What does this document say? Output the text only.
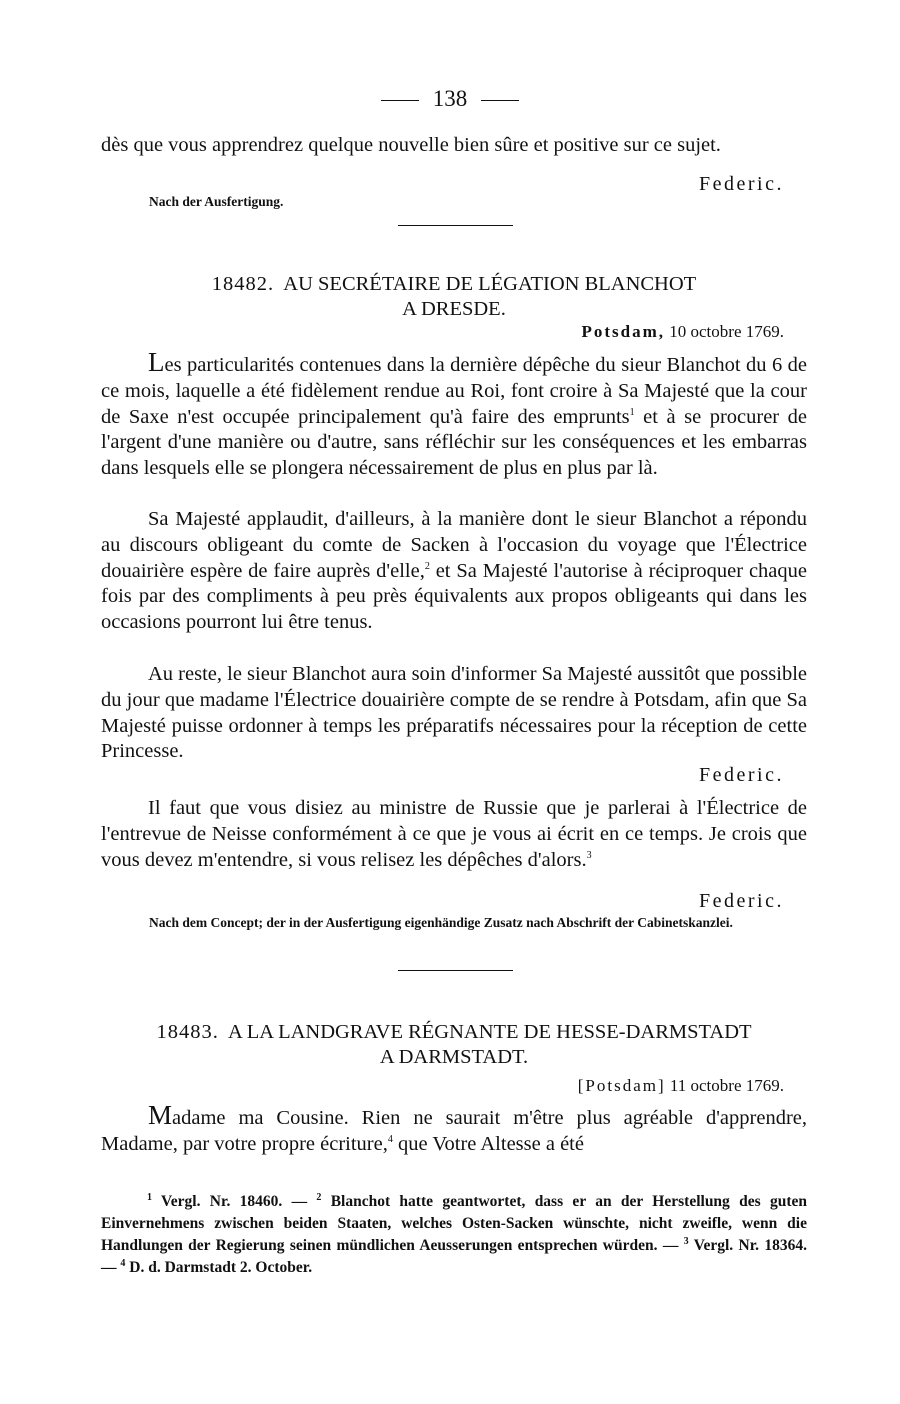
138
dès que vous apprendrez quelque nouvelle bien sûre et positive sur ce sujet.
Federic.
Nach der Ausfertigung.
18482. AU SECRÉTAIRE DE LÉGATION BLANCHOT
A DRESDE.
Potsdam, 10 octobre 1769.
Les particularités contenues dans la dernière dépêche du sieur Blanchot du 6 de ce mois, laquelle a été fidèlement rendue au Roi, font croire à Sa Majesté que la cour de Saxe n'est occupée principalement qu'à faire des emprunts$^1$ et à se procurer de l'argent d'une manière ou d'autre, sans réfléchir sur les conséquences et les embarras dans lesquels elle se plongera nécessairement de plus en plus par là.
Sa Majesté applaudit, d'ailleurs, à la manière dont le sieur Blanchot a répondu au discours obligeant du comte de Sacken à l'occasion du voyage que l'Électrice douairière espère de faire auprès d'elle,$^2$ et Sa Majesté l'autorise à réciproquer chaque fois par des compliments à peu près équivalents aux propos obligeants qui dans les occasions pourront lui être tenus.
Au reste, le sieur Blanchot aura soin d'informer Sa Majesté aussitôt que possible du jour que madame l'Électrice douairière compte de se rendre à Potsdam, afin que Sa Majesté puisse ordonner à temps les préparatifs nécessaires pour la réception de cette Princesse.
Federic.
Il faut que vous disiez au ministre de Russie que je parlerai à l'Électrice de l'entrevue de Neisse conformément à ce que je vous ai écrit en ce temps. Je crois que vous devez m'entendre, si vous relisez les dépêches d'alors.$^3$
Federic.
Nach dem Concept; der in der Ausfertigung eigenhändige Zusatz nach Abschrift der Cabinetskanzlei.
18483. A LA LANDGRAVE RÉGNANTE DE HESSE-DARMSTADT
A DARMSTADT.
[Potsdam] 11 octobre 1769.
Madame ma Cousine. Rien ne saurait m'être plus agréable d'apprendre, Madame, par votre propre écriture,$^4$ que Votre Altesse a été
$^1$ Vergl. Nr. 18460. — $^2$ Blanchot hatte geantwortet, dass er an der Herstellung des guten Einvernehmens zwischen beiden Staaten, welches Osten-Sacken wünschte, nicht zweifle, wenn die Handlungen der Regierung seinen mündlichen Aeusserungen entsprechen würden. — $^3$ Vergl. Nr. 18364. — $^4$ D. d. Darmstadt 2. October.
